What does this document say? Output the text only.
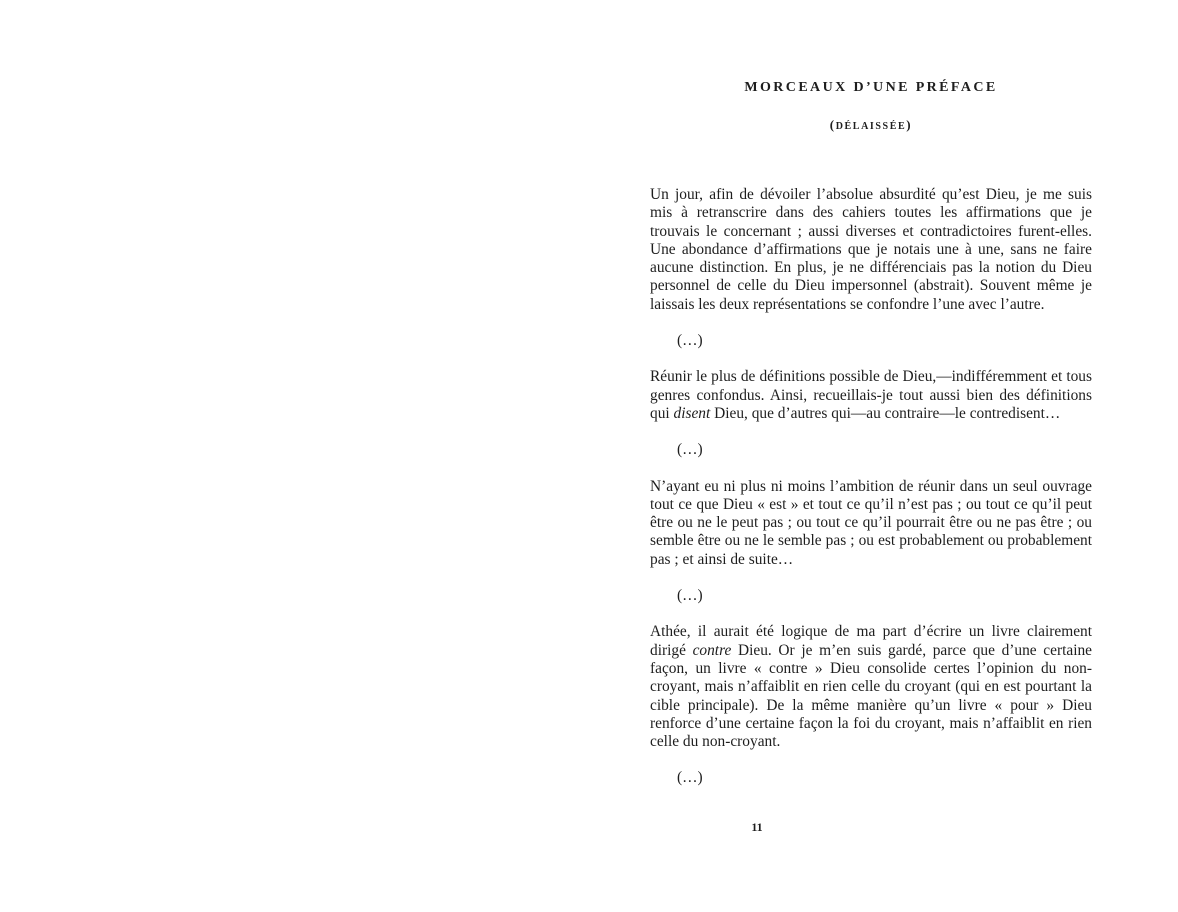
MORCEAUX D’UNE PRÉFACE

(délaissée)

Un jour, afin de dévoiler l’absolue absurdité qu’est Dieu, je me suis mis à retranscrire dans des cahiers toutes les affirmations que je trouvais le concernant ; aussi diverses et contradictoires furent-elles. Une abondance d’affirmations que je notais une à une, sans ne faire aucune distinction. En plus, je ne différenciais pas la notion du Dieu personnel de celle du Dieu impersonnel (abstrait). Souvent même je laissais les deux représentations se confondre l’une avec l’autre.

(…)

Réunir le plus de définitions possible de Dieu,—indifféremment et tous genres confondus. Ainsi, recueillais-je tout aussi bien des définitions qui disent Dieu, que d’autres qui—au contraire—le contredisent…

(…)

N’ayant eu ni plus ni moins l’ambition de réunir dans un seul ouvrage tout ce que Dieu « est » et tout ce qu’il n’est pas ; ou tout ce qu’il peut être ou ne le peut pas ; ou tout ce qu’il pourrait être ou ne pas être ; ou semble être ou ne le semble pas ; ou est probablement ou probablement pas ; et ainsi de suite…

(…)

Athée, il aurait été logique de ma part d’écrire un livre clairement dirigé contre Dieu. Or je m’en suis gardé, parce que d’une certaine façon, un livre « contre » Dieu consolide certes l’opinion du non-croyant, mais n’affaiblit en rien celle du croyant (qui en est pourtant la cible principale). De la même manière qu’un livre « pour » Dieu renforce d’une certaine façon la foi du croyant, mais n’affaiblit en rien celle du non-croyant.

(…)

11
